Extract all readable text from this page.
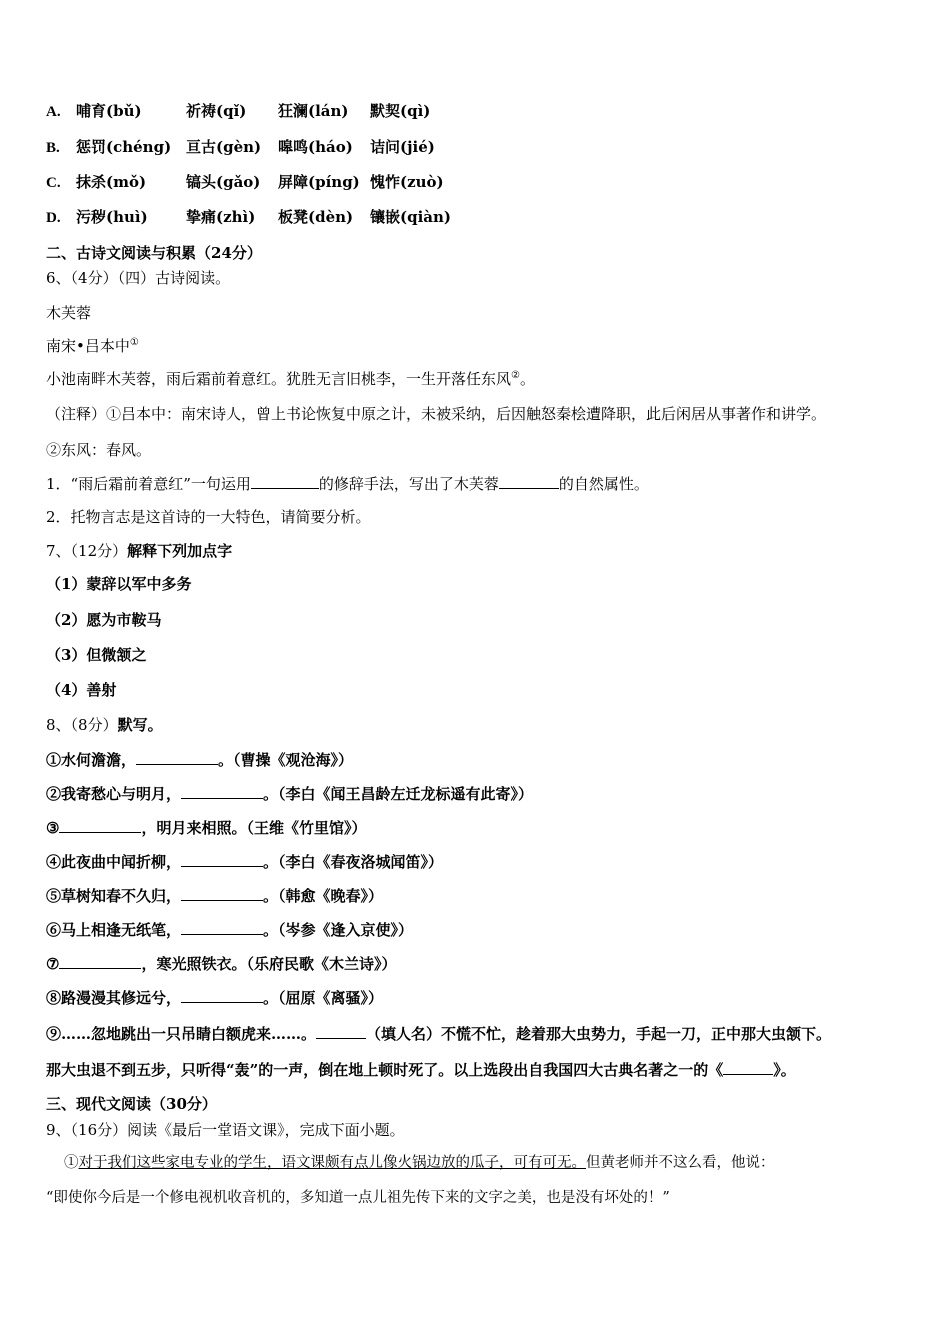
A. 哺育(bǔ)	祈祷(qǐ) 狂澜(lán) 默契(qì)
B. 惩罚(chéng) 亘古(gèn) 嗥鸣(háo) 诘问(jié)
C. 抹杀(mǒ)	镐头(gǎo) 屏障(píng) 愧怍(zuò)
D. 污秽(huì)	挚痛(zhì) 板凳(dèn) 镶嵌(qiàn)
二、古诗文阅读与积累（24分）
6、（4分）（四）古诗阅读。
木芙蓉
南宋•吕本中①
小池南畔木芙蓉，雨后霜前着意红。犹胜无言旧桃李，一生开落任东风②。
（注释）①吕本中：南宋诗人，曾上书论恢复中原之计，未被采纳，后因触怒秦桧遭降职，此后闲居从事著作和讲学。
②东风：春风。
1．“雨后霜前着意红”一句运用	的修辞手法，写出了木芙蓉	的自然属性。
2．托物言志是这首诗的一大特色，请简要分析。
7、（12分）解释下列加点字
（1）蒙辞以军中多务
（2）愿为市鞍马
（3）但微颔之
（4）善射
8、（8分）默写。
①水何澹澹，	。（曹操《观沧海》）
②我寄愁心与明月，	。（李白《闻王昌龄左迁龙标遥有此寄》）
③	，明月来相照。（王维《竹里馆》）
④此夜曲中闻折柳，	。（李白《春夜洛城闻笛》）
⑤草树知春不久归，	。（韩愈《晚春》）
⑥马上相逢无纸笔，	。（岑参《逢入京使》）
⑦	，寒光照铁衣。（乐府民歌《木兰诗》）
⑧路漫漫其修远兮，	。（屈原《离骚》）
⑨……忽地跳出一只吊睛白额虎来……。	（填人名）不慌不忙，趁着那大虫势力，手起一刀，正中那大虫颔下。
那大虫退不到五步，只听得“轰”的一声，倒在地上顿时死了。以上选段出自我国四大古典名著之一的《	》。
三、现代文阅读（30分）
9、（16分）阅读《最后一堂语文课》，完成下面小题。
①对于我们这些家电专业的学生，语文课颇有点儿像火锅边放的瓜子，可有可无。但黄老师并不这么看，他说：
“即使你今后是一个修电视机收音机的，多知道一点儿祖先传下来的文字之美，也是没有坏处的！”
